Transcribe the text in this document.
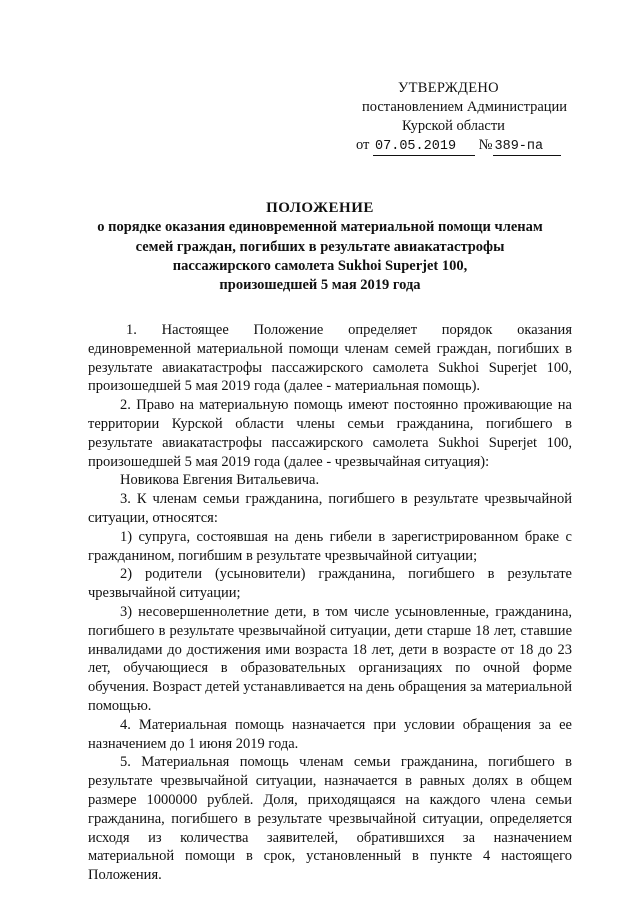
УТВЕРЖДЕНО
постановлением Администрации
Курской области
от 07.05.2019 № 389-па
ПОЛОЖЕНИЕ
о порядке оказания единовременной материальной помощи членам
семей граждан, погибших в результате авиакатастрофы
пассажирского самолета Sukhoi Superjet 100,
произошедшей 5 мая 2019 года

1. Настоящее Положение определяет порядок оказания единовременной материальной помощи членам семей граждан, погибших в результате авиакатастрофы пассажирского самолета Sukhoi Superjet 100, произошедшей 5 мая 2019 года (далее - материальная помощь).

2. Право на материальную помощь имеют постоянно проживающие на территории Курской области члены семьи гражданина, погибшего в результате авиакатастрофы пассажирского самолета Sukhoi Superjet 100, произошедшей 5 мая 2019 года (далее - чрезвычайная ситуация):

Новикова Евгения Витальевича.

3. К членам семьи гражданина, погибшего в результате чрезвычайной ситуации, относятся:

1) супруга, состоявшая на день гибели в зарегистрированном браке с гражданином, погибшим в результате чрезвычайной ситуации;

2) родители (усыновители) гражданина, погибшего в результате чрезвычайной ситуации;

3) несовершеннолетние дети, в том числе усыновленные, гражданина, погибшего в результате чрезвычайной ситуации, дети старше 18 лет, ставшие инвалидами до достижения ими возраста 18 лет, дети в возрасте от 18 до 23 лет, обучающиеся в образовательных организациях по очной форме обучения. Возраст детей устанавливается на день обращения за материальной помощью.

4. Материальная помощь назначается при условии обращения за ее назначением до 1 июня 2019 года.

5. Материальная помощь членам семьи гражданина, погибшего в результате чрезвычайной ситуации, назначается в равных долях в общем размере 1000000 рублей. Доля, приходящаяся на каждого члена семьи гражданина, погибшего в результате чрезвычайной ситуации, определяется исходя из количества заявителей, обратившихся за назначением материальной помощи в срок, установленный в пункте 4 настоящего Положения.
